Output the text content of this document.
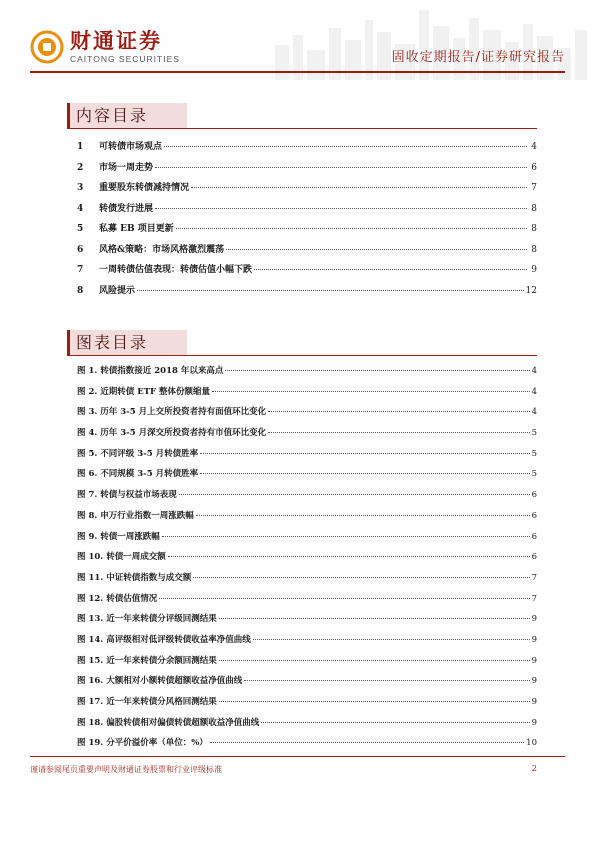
财通证券
CAITONG SECURITIES	固收定期报告/证券研究报告
内容目录
1	可转债市场观点	4
2	市场一周走势	6
3	重要股东转债减持情况	7
4	转债发行进展	8
5	私募 EB 项目更新	8
6	风格&策略：市场风格激烈震荡	8
7	一周转债估值表现：转债估值小幅下跌	9
8	风险提示	12
图表目录
图 1. 转债指数接近 2018 年以来高点	4
图 2. 近期转债 ETF 整体份额缩量	4
图 3. 历年 3-5 月上交所投资者持有面值环比变化	4
图 4. 历年 3-5 月深交所投资者持有市值环比变化	5
图 5. 不同评级 3-5 月转债胜率	5
图 6. 不同规模 3-5 月转债胜率	5
图 7. 转债与权益市场表现	6
图 8. 申万行业指数一周涨跌幅	6
图 9. 转债一周涨跌幅	6
图 10. 转债一周成交额	6
图 11. 中证转债指数与成交额	7
图 12. 转债估值情况	7
图 13. 近一年来转债分评级回测结果	9
图 14. 高评级相对低评级转债收益率净值曲线	9
图 15. 近一年来转债分余额回测结果	9
图 16. 大额相对小额转债超额收益净值曲线	9
图 17. 近一年来转债分风格回测结果	9
图 18. 偏股转债相对偏债转债超额收益净值曲线	9
图 19. 分平价溢价率（单位：%）	10
谨请参阅尾页重要声明及财通证券股票和行业评级标准	2
